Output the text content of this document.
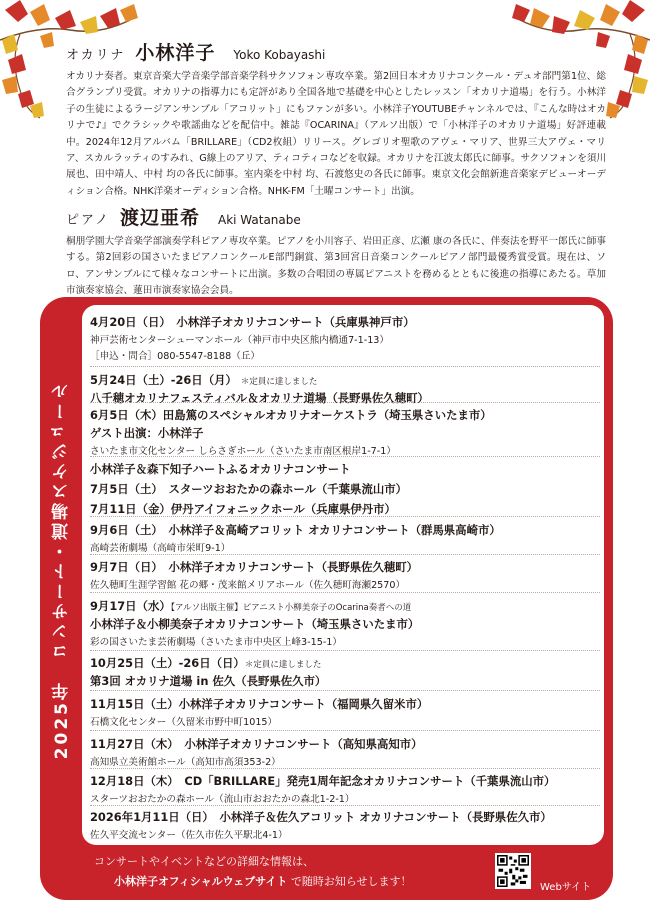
オカリナ 小林洋子 Yoko Kobayashi
オカリナ奏者。東京音楽大学音楽学部音楽学科サクソフォン専攻卒業。第2回日本オカリナコンクール・デュオ部門第1位、総合グランプリ受賞。オカリナの指導力にも定評があり全国各地で基礎を中心としたレッスン「オカリナ道場」を行う。小林洋子の生徒によるラージアンサンブル「アコリット」にもファンが多い。小林洋子YOUTUBEチャンネルでは、『こんな時はオカリナで♪』でクラシックや歌謡曲などを配信中。雑誌『OCARINA』（アルソ出版）で「小林洋子のオカリナ道場」好評連載中。2024年12月アルバム「BRILLARE」（CD2枚組）リリース。グレゴリオ聖歌のアヴェ・マリア、世界三大アヴェ・マリア、スカルラッティのすみれ、G線上のアリア、ティコティコなどを収録。オカリナを江波太郎氏に師事。サクソフォンを須川展也、田中靖人、中村 均の各氏に師事。室内楽を中村 均、石渡悠史の各氏に師事。東京文化会館新進音楽家デビューオーディション合格。NHK洋楽オーディション合格。NHK-FM「土曜コンサート」出演。
ピアノ 渡辺亜希 Aki Watanabe
桐朋学園大学音楽学部演奏学科ピアノ専攻卒業。ピアノを小川容子、岩田正彦、広瀬 康の各氏に、伴奏法を野平一郎氏に師事する。第2回彩の国さいたまピアノコンクールE部門銅賞、第3回宮日音楽コンクールピアノ部門最優秀賞受賞。現在は、ソロ、アンサンブルにて様々なコンサートに出演。多数の合唱団の専属ピアニストを務めるとともに後進の指導にあたる。草加市演奏家協会、蓮田市演奏家協会会員。
2025年　コンサート・道場スケジュール
4月20日（日）　小林洋子オカリナコンサート（兵庫県神戸市）
神戸芸術センターシューマンホール（神戸市中央区熊内橋通7-1-13）
［申込・問合］080-5547-8188（丘）
5月24日（土）-26日（月） ＊定員に達しました
八千穂オカリナフェスティバル＆オカリナ道場（長野県佐久穂町）
6月5日（木）田島篤のスペシャルオカリナオーケストラ（埼玉県さいたま市）
ゲスト出演：小林洋子
さいたま市文化センター しらさぎホール（さいたま市南区根岸1-7-1）
小林洋子＆森下知子ハートふるオカリナコンサート
7月5日（土）　スターツおおたかの森ホール（千葉県流山市）
7月11日（金）伊丹アイフォニックホール（兵庫県伊丹市）
9月6日（土）　小林洋子＆高崎アコリット オカリナコンサート（群馬県高崎市）
高崎芸術劇場（高崎市栄町9-1）
9月7日（日）　小林洋子オカリナコンサート（長野県佐久穂町）
佐久穂町生涯学習館 花の郷・茂来館メリアホール（佐久穂町海瀬2570）
9月17日（水）【アルソ出版主催】ピアニスト小柳美奈子のOcarina奏者への道
小林洋子＆小柳美奈子オカリナコンサート（埼玉県さいたま市）
彩の国さいたま芸術劇場（さいたま市中央区上峰3-15-1）
10月25日（土）-26日（日）＊定員に達しました
第3回 オカリナ道場 in 佐久（長野県佐久市）
11月15日（土）小林洋子オカリナコンサート（福岡県久留米市）
石橋文化センター（久留米市野中町1015）
11月27日（木）　小林洋子オカリナコンサート（高知県高知市）
高知県立美術館ホール（高知市高須353-2）
12月18日（木）　CD「BRILLARE」発売1周年記念オカリナコンサート（千葉県流山市）
スターツおおたかの森ホール（流山市おおたかの森北1-2-1）
2026年1月11日（日）　小林洋子＆佐久アコリット オカリナコンサート（長野県佐久市）
佐久平交流センター（佐久市佐久平駅北4-1）
コンサートやイベントなどの詳細な情報は、
小林洋子オフィシャルウェブサイト で随時お知らせします！	Webサイト
